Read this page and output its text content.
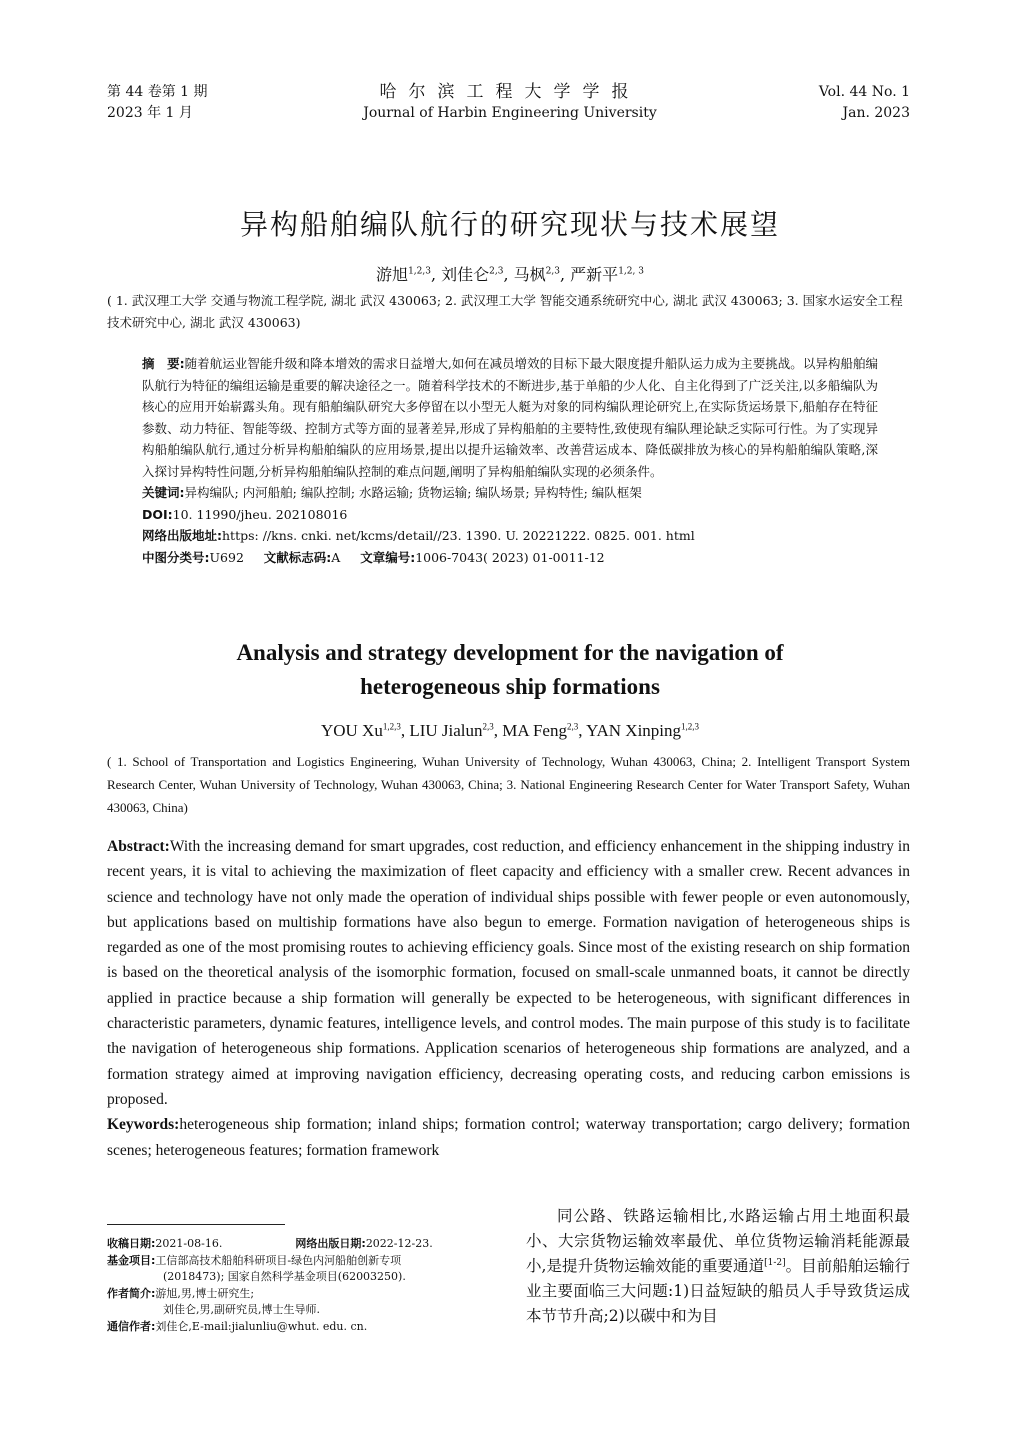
第 44 卷第 1 期
2023 年 1 月
哈尔滨工程大学学报
Journal of Harbin Engineering University
Vol. 44 No. 1
Jan. 2023
异构船舶编队航行的研究现状与技术展望
游旭$^{1,2,3}$, 刘佳仑$^{2,3}$, 马枫$^{2,3}$, 严新平$^{1,2, 3}$
( 1. 武汉理工大学 交通与物流工程学院, 湖北 武汉 430063; 2. 武汉理工大学 智能交通系统研究中心, 湖北 武汉 430063; 3. 国家水运安全工程技术研究中心, 湖北 武汉 430063)
摘　要:随着航运业智能升级和降本增效的需求日益增大,如何在减员增效的目标下最大限度提升船队运力成为主要挑战。以异构船舶编队航行为特征的编组运输是重要的解决途径之一。随着科学技术的不断进步,基于单船的少人化、自主化得到了广泛关注,以多船编队为核心的应用开始崭露头角。现有船舶编队研究大多停留在以小型无人艇为对象的同构编队理论研究上,在实际货运场景下,船舶存在特征参数、动力特征、智能等级、控制方式等方面的显著差异,形成了异构船舶的主要特性,致使现有编队理论缺乏实际可行性。为了实现异构船舶编队航行,通过分析异构船舶编队的应用场景,提出以提升运输效率、改善营运成本、降低碳排放为核心的异构船舶编队策略,深入探讨异构特性问题,分析异构船舶编队控制的难点问题,阐明了异构船舶编队实现的必须条件。
关键词:异构编队; 内河船舶; 编队控制; 水路运输; 货物运输; 编队场景; 异构特性; 编队框架
DOI:10. 11990/jheu. 202108016
网络出版地址:https: //kns. cnki. net/kcms/detail//23. 1390. U. 20221222. 0825. 001. html
中图分类号:U692 文献标志码:A 文章编号:1006-7043( 2023) 01-0011-12
Analysis and strategy development for the navigation of
heterogeneous ship formations
YOU Xu$^{1,2,3}$, LIU Jialun$^{2,3}$, MA Feng$^{2,3}$, YAN Xinping$^{1,2,3}$
( 1. School of Transportation and Logistics Engineering, Wuhan University of Technology, Wuhan 430063, China; 2. Intelligent Transport System Research Center, Wuhan University of Technology, Wuhan 430063, China; 3. National Engineering Research Center for Water Transport Safety, Wuhan 430063, China)
Abstract:With the increasing demand for smart upgrades, cost reduction, and efficiency enhancement in the shipping industry in recent years, it is vital to achieving the maximization of fleet capacity and efficiency with a smaller crew. Recent advances in science and technology have not only made the operation of individual ships possible with fewer people or even autonomously, but applications based on multiship formations have also begun to emerge. Formation navigation of heterogeneous ships is regarded as one of the most promising routes to achieving efficiency goals. Since most of the existing research on ship formation is based on the theoretical analysis of the isomorphic formation, focused on small-scale unmanned boats, it cannot be directly applied in practice because a ship formation will generally be expected to be heterogeneous, with significant differences in characteristic parameters, dynamic features, intelligence levels, and control modes. The main purpose of this study is to facilitate the navigation of heterogeneous ship formations. Application scenarios of heterogeneous ship formations are analyzed, and a formation strategy aimed at improving navigation efficiency, decreasing operating costs, and reducing carbon emissions is proposed.
Keywords:heterogeneous ship formation; inland ships; formation control; waterway transportation; cargo delivery; formation scenes; heterogeneous features; formation framework
收稿日期: 2021-08-16.	网络出版日期: 2022-12-23.
基金项目: 工信部高技术船舶科研项目-绿色内河船舶创新专项
(2018473); 国家自然科学基金项目(62003250).
作者简介: 游旭,男,博士研究生;
刘佳仑,男,副研究员,博士生导师.
通信作者: 刘佳仑,E-mail:jialunliu@whut. edu. cn.
同公路、铁路运输相比,水路运输占用土地面积最小、大宗货物运输效率最优、单位货物运输消耗能源最小,是提升货物运输效能的重要通道[1-2]。目前船舶运输行业主要面临三大问题:1)日益短缺的船员人手导致货运成本节节升高;2)以碳中和为目
